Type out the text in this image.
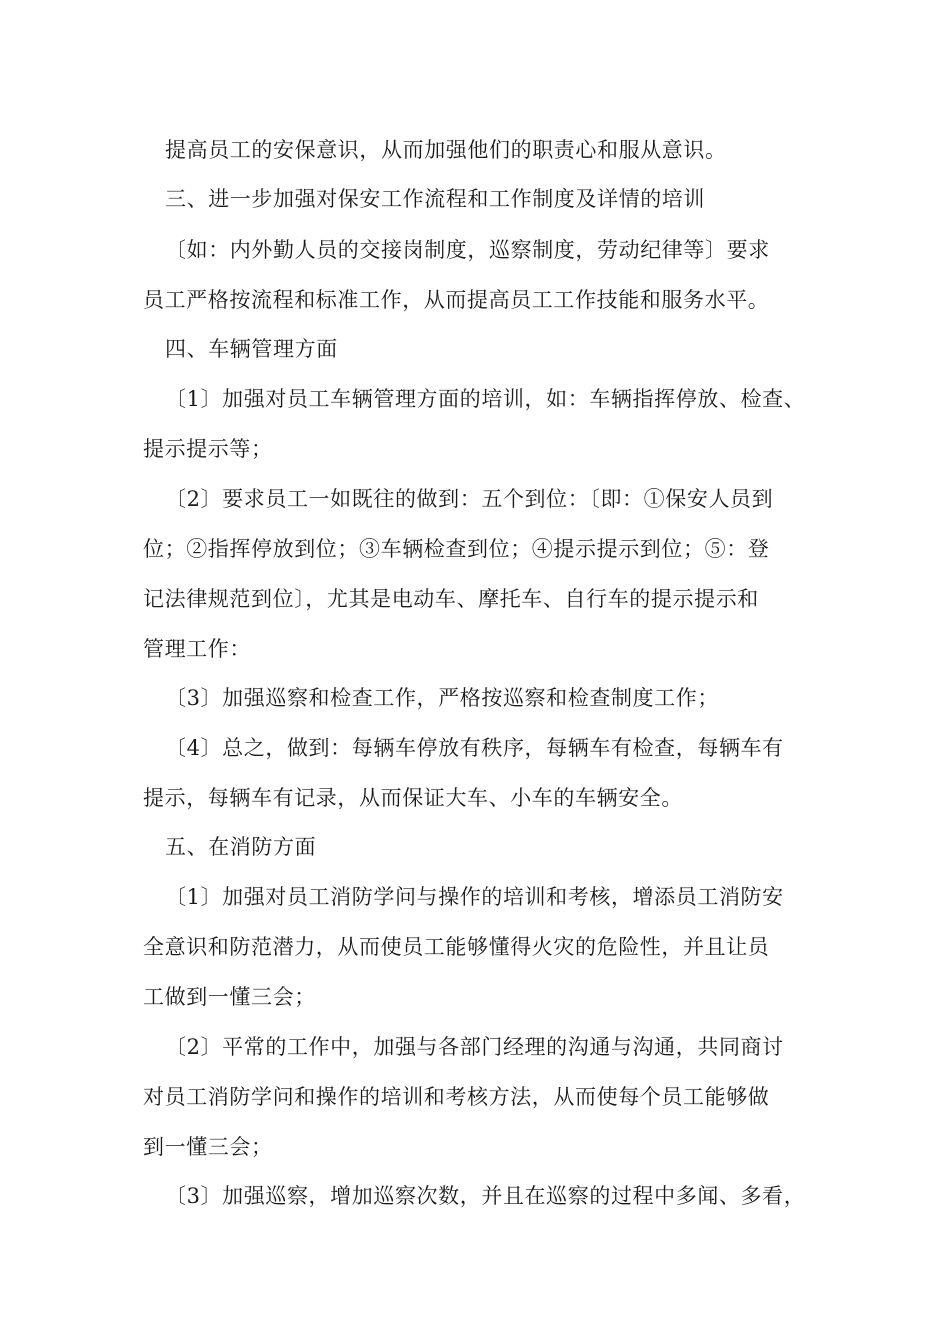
提高员工的安保意识，从而加强他们的职责心和服从意识。

三、进一步加强对保安工作流程和工作制度及详情的培训

〔如：内外勤人员的交接岗制度，巡察制度，劳动纪律等〕要求

员工严格按流程和标准工作，从而提高员工工作技能和服务水平。

四、车辆管理方面

〔1〕加强对员工车辆管理方面的培训，如：车辆指挥停放、检查、

提示提示等；

〔2〕要求员工一如既往的做到：五个到位：〔即：①保安人员到

位；②指挥停放到位；③车辆检查到位；④提示提示到位；⑤：登

记法律规范到位〕，尤其是电动车、摩托车、自行车的提示提示和

管理工作：

〔3〕加强巡察和检查工作，严格按巡察和检查制度工作；

〔4〕总之，做到：每辆车停放有秩序，每辆车有检查，每辆车有

提示，每辆车有记录，从而保证大车、小车的车辆安全。

五、在消防方面

〔1〕加强对员工消防学问与操作的培训和考核，增添员工消防安

全意识和防范潜力，从而使员工能够懂得火灾的危险性，并且让员

工做到一懂三会；

〔2〕平常的工作中，加强与各部门经理的沟通与沟通，共同商讨

对员工消防学问和操作的培训和考核方法，从而使每个员工能够做

到一懂三会；

〔3〕加强巡察，增加巡察次数，并且在巡察的过程中多闻、多看，
